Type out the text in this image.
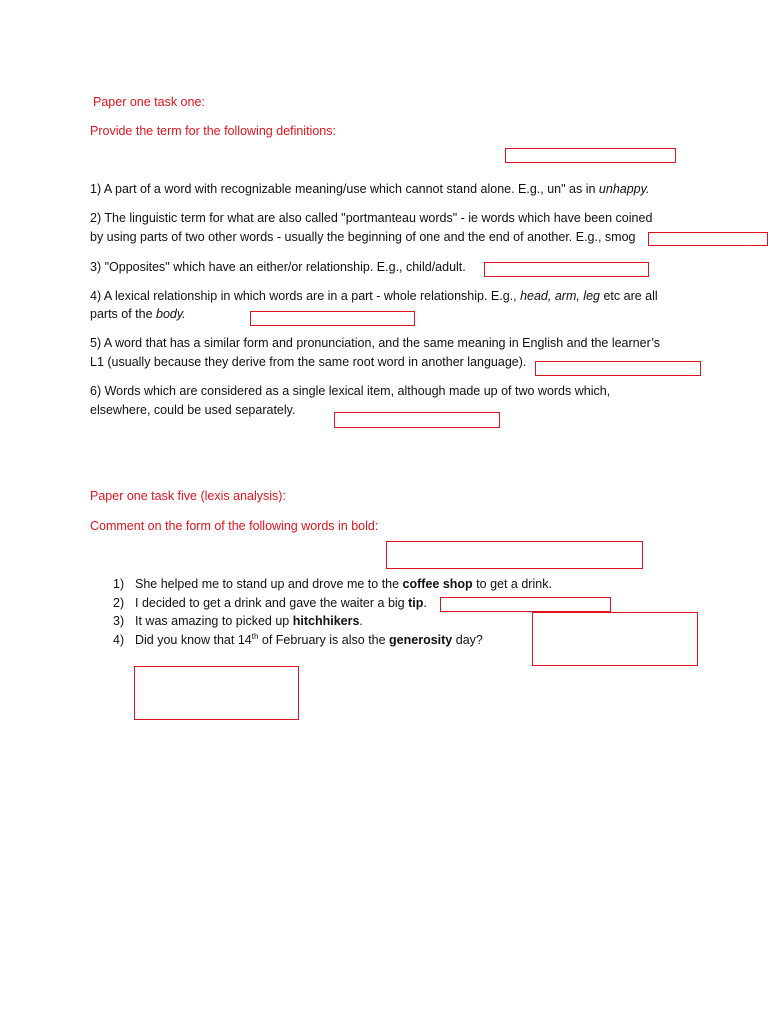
Paper one task one:
Provide the term for the following definitions:
1) A part of a word with recognizable meaning/use which cannot stand alone. E.g., un" as in unhappy.
2) The linguistic term for what are also called "portmanteau words" - ie words which have been coined
by using parts of two other words - usually the beginning of one and the end of another. E.g., smog
3) "Opposites" which have an either/or relationship. E.g., child/adult.
4) A lexical relationship in which words are in a part - whole relationship. E.g., head, arm, leg etc are all
parts of the body.
5) A word that has a similar form and pronunciation, and the same meaning in English and the learner’s
L1 (usually because they derive from the same root word in another language).
6) Words which are considered as a single lexical item, although made up of two words which,
elsewhere, could be used separately.
Paper one task five (lexis analysis):
Comment on the form of the following words in bold:
1) She helped me to stand up and drove me to the coffee shop to get a drink.
2) I decided to get a drink and gave the waiter a big tip.
3) It was amazing to picked up hitchhikers.
4) Did you know that 14th of February is also the generosity day?
